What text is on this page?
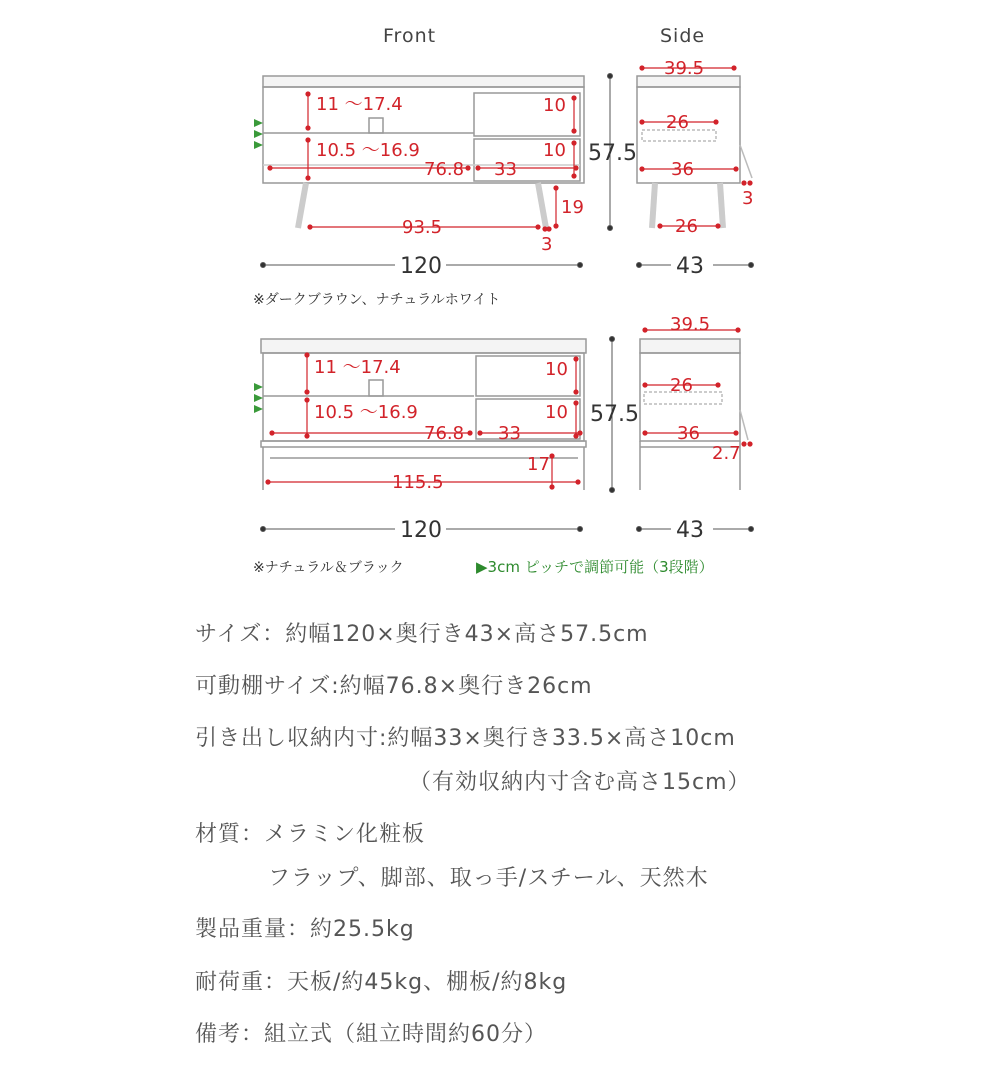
Front	Side
11 〜17.4
10.5 〜16.9
10
10
76.8 33
93.5
19
3
57.5
120
39.5
26
36
3
26
43
※ダークブラウン、ナチュラルホワイト
11 〜17.4
10.5 〜16.9
10
10
76.8 33
17
115.5
57.5
120
39.5
26
36
2.7
43
※ナチュラル＆ブラック	▶3cm ピッチで調節可能（3段階）
サイズ：約幅120×奥行き43×高さ57.5cm
可動棚サイズ:約幅76.8×奥行き26cm
引き出し収納内寸:約幅33×奥行き33.5×高さ10cm
（有効収納内寸含む高さ15cm）
材質：メラミン化粧板
フラップ、脚部、取っ手/スチール、天然木
製品重量：約25.5kg
耐荷重：天板/約45kg、棚板/約8kg
備考：組立式（組立時間約60分）
